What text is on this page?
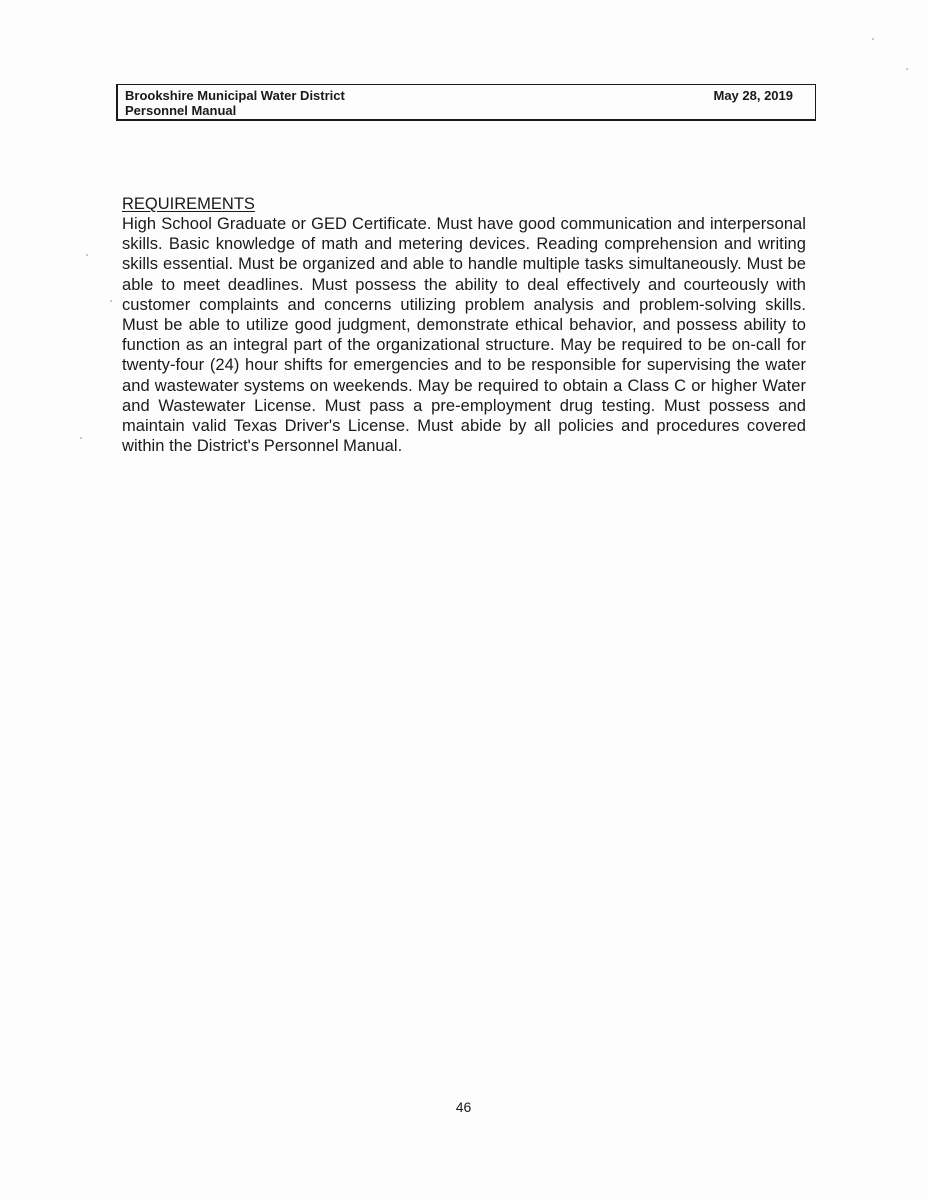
Brookshire Municipal Water District
Personnel Manual
May 28, 2019

REQUIREMENTS

High School Graduate or GED Certificate. Must have good communication and interpersonal skills. Basic knowledge of math and metering devices. Reading comprehension and writing skills essential. Must be organized and able to handle multiple tasks simultaneously. Must be able to meet deadlines. Must possess the ability to deal effectively and courteously with customer complaints and concerns utilizing problem analysis and problem-solving skills. Must be able to utilize good judgment, demonstrate ethical behavior, and possess ability to function as an integral part of the organizational structure. May be required to be on-call for twenty-four (24) hour shifts for emergencies and to be responsible for supervising the water and wastewater systems on weekends. May be required to obtain a Class C or higher Water and Wastewater License. Must pass a pre-employment drug testing. Must possess and maintain valid Texas Driver's License. Must abide by all policies and procedures covered within the District's Personnel Manual.

46
